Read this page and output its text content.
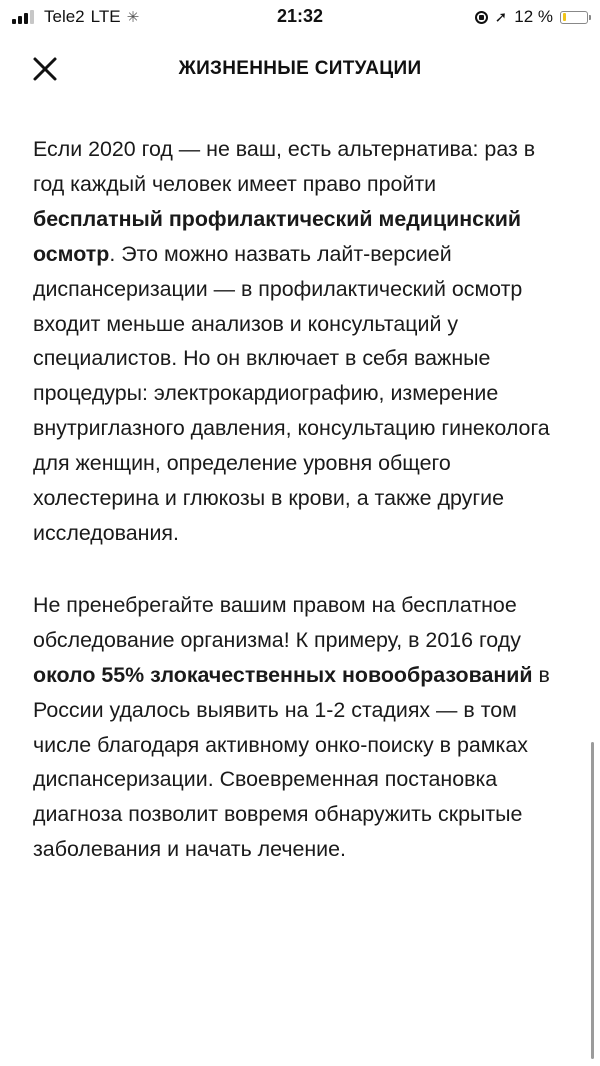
Tele2 LTE ✳	21:32	➚ 12 %
ЖИЗНЕННЫЕ СИТУАЦИИ

Если 2020 год — не ваш, есть альтернатива: раз в год каждый человек имеет право пройти бесплатный профилактический медицинский осмотр. Это можно назвать лайт-версией диспансеризации — в профилактический осмотр входит меньше анализов и консультаций у специалистов. Но он включает в себя важные процедуры: электрокардиографию, измерение внутриглазного давления, консультацию гинеколога для женщин, определение уровня общего холестерина и глюкозы в крови, а также другие исследования.

Не пренебрегайте вашим правом на бесплатное обследование организма! К примеру, в 2016 году около 55% злокачественных новообразований в России удалось выявить на 1-2 стадиях — в том числе благодаря активному онко-поиску в рамках диспансеризации. Своевременная постановка диагноза позволит вовремя обнаружить скрытые заболевания и начать лечение.
